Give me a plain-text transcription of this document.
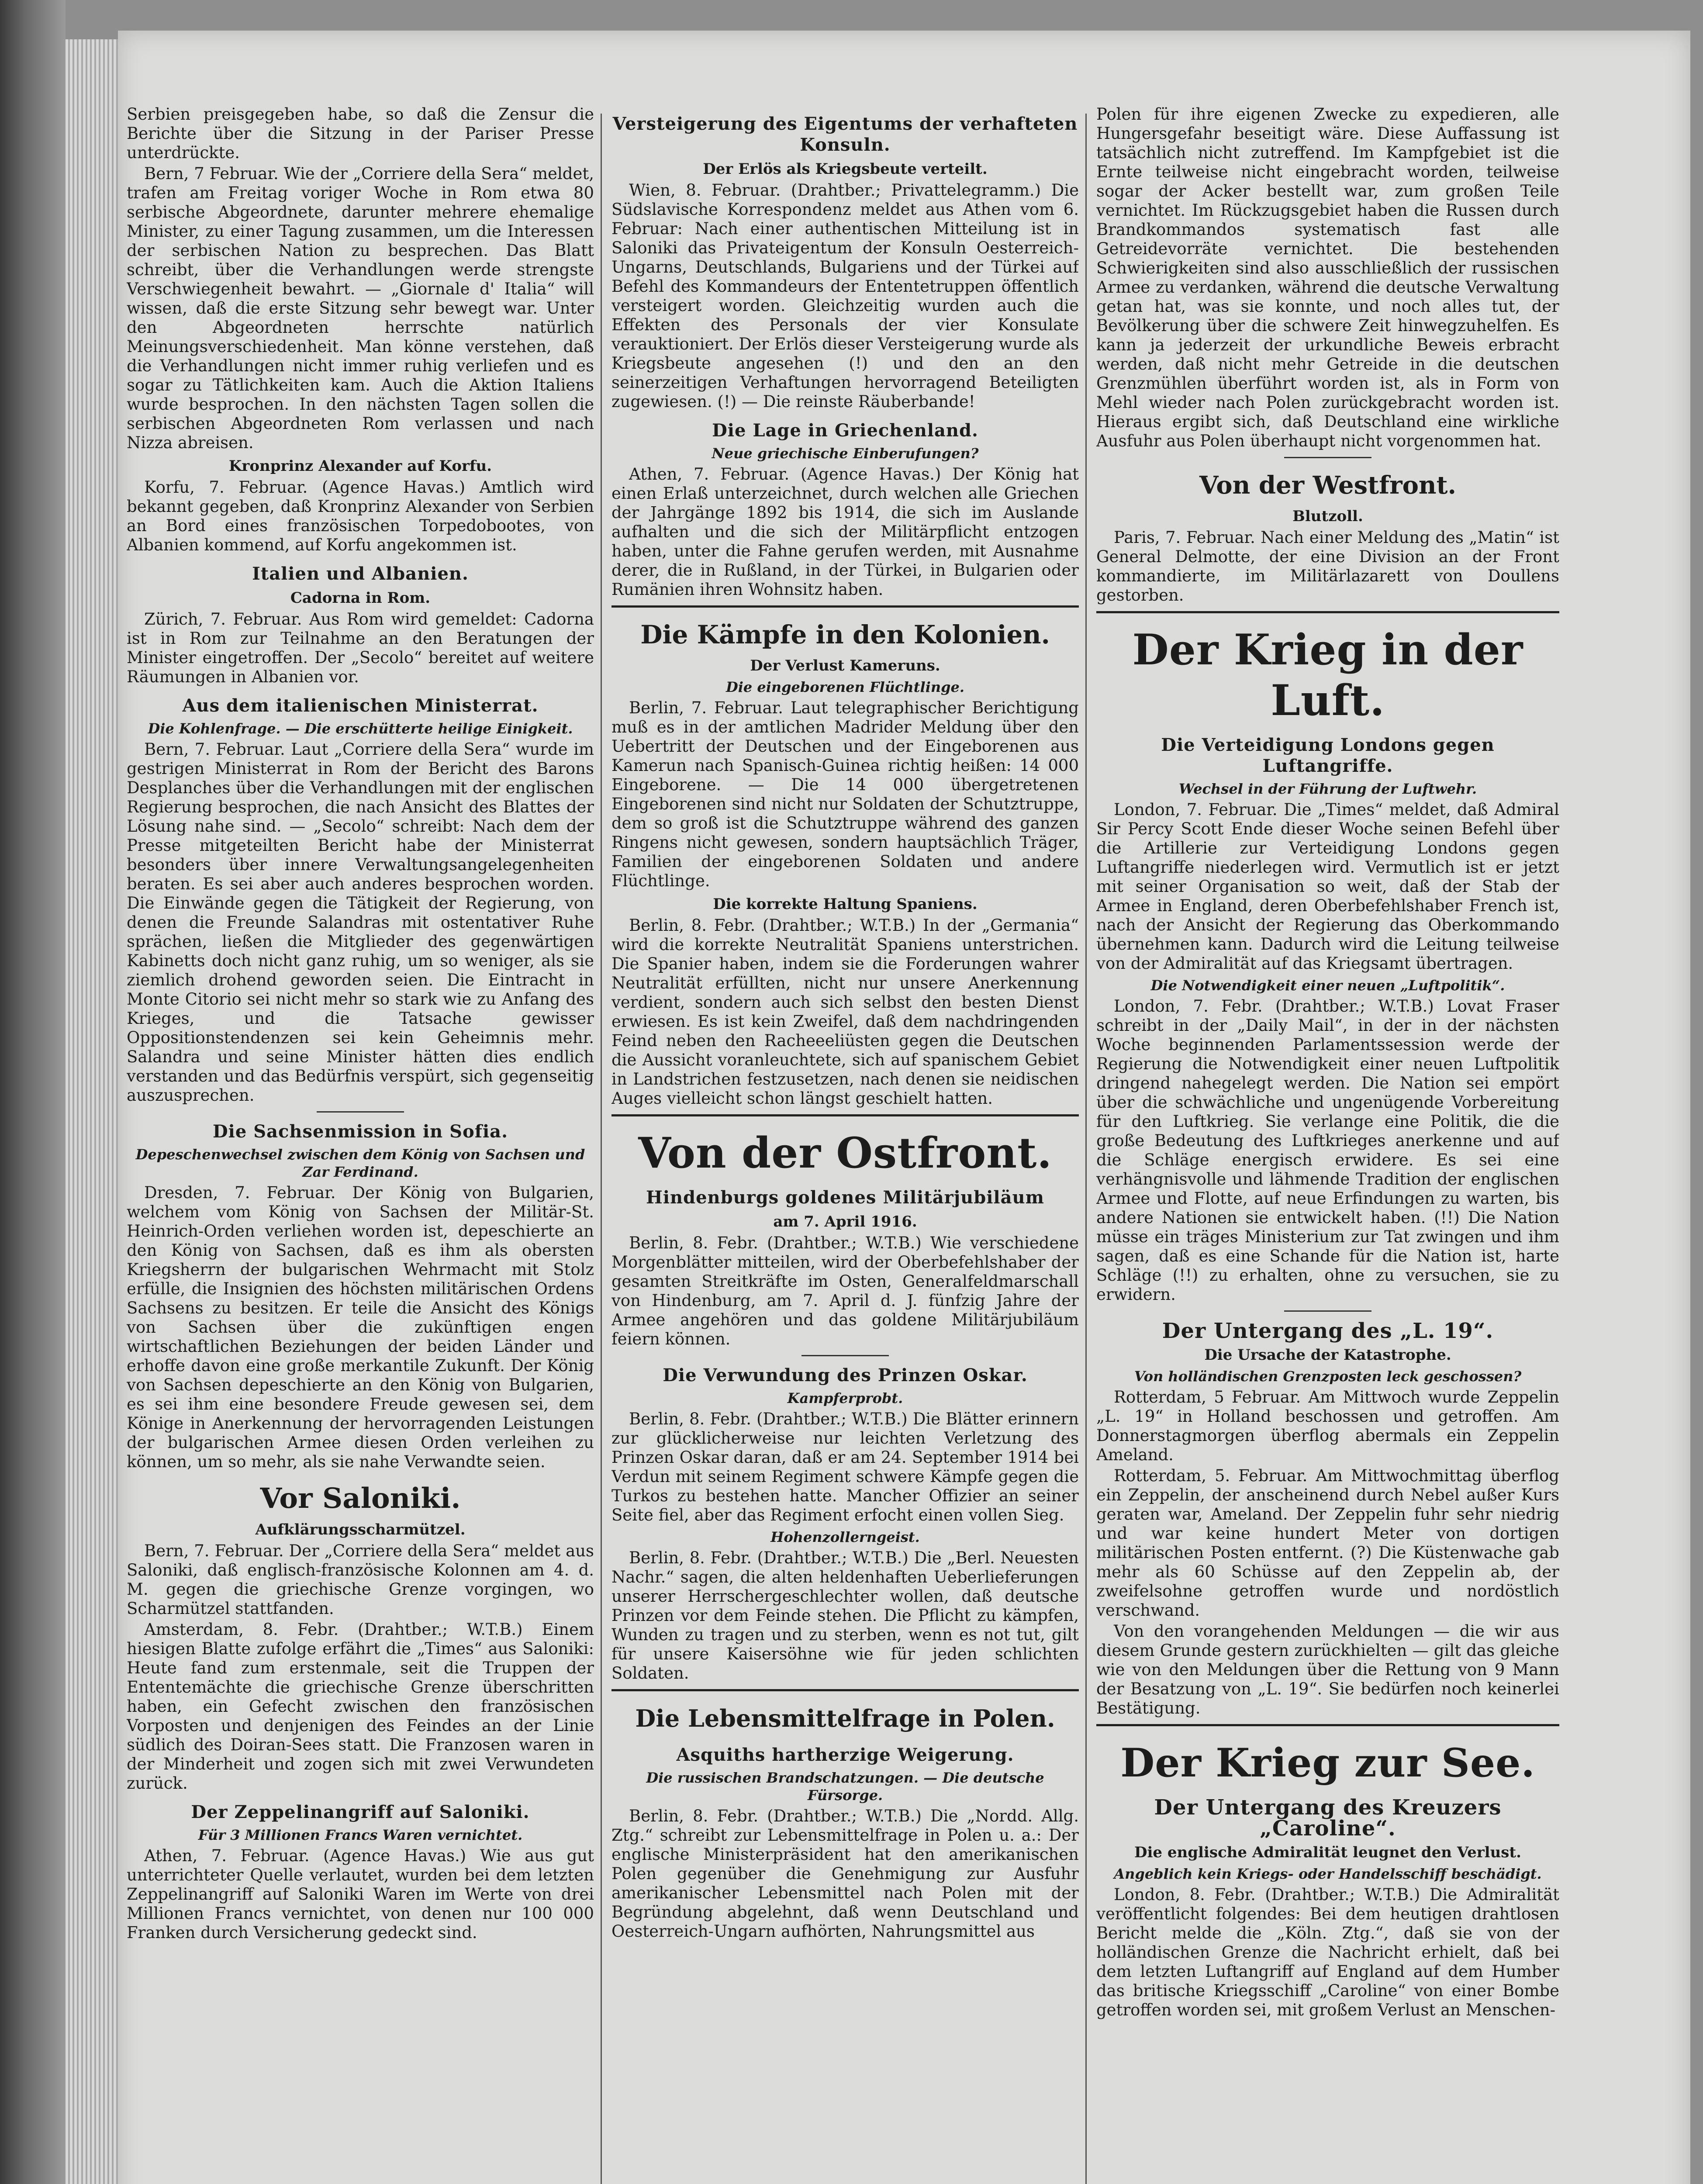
Serbien preisgegeben habe, so daß die Zensur die Berichte über die Sitzung in der Pariser Presse unterdrückte.

Bern, 7 Februar. Wie der „Corriere della Sera“ meldet, trafen am Freitag voriger Woche in Rom etwa 80 serbische Abgeordnete, darunter mehrere ehemalige Minister, zu einer Tagung zusammen, um die Interessen der serbischen Nation zu besprechen. Das Blatt schreibt, über die Verhandlungen werde strengste Verschwiegenheit bewahrt. — „Giornale d' Italia“ will wissen, daß die erste Sitzung sehr bewegt war. Unter den Abgeordneten herrschte natürlich Meinungsverschiedenheit. Man könne verstehen, daß die Verhandlungen nicht immer ruhig verliefen und es sogar zu Tätlichkeiten kam. Auch die Aktion Italiens wurde besprochen. In den nächsten Tagen sollen die serbischen Abgeordneten Rom verlassen und nach Nizza abreisen.

Kronprinz Alexander auf Korfu.

Korfu, 7. Februar. (Agence Havas.) Amtlich wird bekannt gegeben, daß Kronprinz Alexander von Serbien an Bord eines französischen Torpedobootes, von Albanien kommend, auf Korfu angekommen ist.

Italien und Albanien.
Cadorna in Rom.

Zürich, 7. Februar. Aus Rom wird gemeldet: Cadorna ist in Rom zur Teilnahme an den Beratungen der Minister eingetroffen. Der „Secolo“ bereitet auf weitere Räumungen in Albanien vor.

Aus dem italienischen Ministerrat.
Die Kohlenfrage. — Die erschütterte heilige Einigkeit.

Bern, 7. Februar. Laut „Corriere della Sera“ wurde im gestrigen Ministerrat in Rom der Bericht des Barons Desplanches über die Verhandlungen mit der englischen Regierung besprochen, die nach Ansicht des Blattes der Lösung nahe sind. — „Secolo“ schreibt: Nach dem der Presse mitgeteilten Bericht habe der Ministerrat besonders über innere Verwaltungsangelegenheiten beraten. Es sei aber auch anderes besprochen worden. Die Einwände gegen die Tätigkeit der Regierung, von denen die Freunde Salandras mit ostentativer Ruhe sprächen, ließen die Mitglieder des gegenwärtigen Kabinetts doch nicht ganz ruhig, um so weniger, als sie ziemlich drohend geworden seien. Die Eintracht in Monte Citorio sei nicht mehr so stark wie zu Anfang des Krieges, und die Tatsache gewisser Oppositionstendenzen sei kein Geheimnis mehr. Salandra und seine Minister hätten dies endlich verstanden und das Bedürfnis verspürt, sich gegenseitig auszusprechen.

Die Sachsenmission in Sofia.
Depeschenwechsel zwischen dem König von Sachsen und Zar Ferdinand.

Dresden, 7. Februar. Der König von Bulgarien, welchem vom König von Sachsen der Militär-St. Heinrich-Orden verliehen worden ist, depeschierte an den König von Sachsen, daß es ihm als obersten Kriegsherrn der bulgarischen Wehrmacht mit Stolz erfülle, die Insignien des höchsten militärischen Ordens Sachsens zu besitzen. Er teile die Ansicht des Königs von Sachsen über die zukünftigen engen wirtschaftlichen Beziehungen der beiden Länder und erhoffe davon eine große merkantile Zukunft. Der König von Sachsen depeschierte an den König von Bulgarien, es sei ihm eine besondere Freude gewesen sei, dem Könige in Anerkennung der hervorragenden Leistungen der bulgarischen Armee diesen Orden verleihen zu können, um so mehr, als sie nahe Verwandte seien.

Vor Saloniki.
Aufklärungsscharmützel.

Bern, 7. Februar. Der „Corriere della Sera“ meldet aus Saloniki, daß englisch-französische Kolonnen am 4. d. M. gegen die griechische Grenze vorgingen, wo Scharmützel stattfanden.

Amsterdam, 8. Febr. (Drahtber.; W.T.B.) Einem hiesigen Blatte zufolge erfährt die „Times“ aus Saloniki: Heute fand zum erstenmale, seit die Truppen der Ententemächte die griechische Grenze überschritten haben, ein Gefecht zwischen den französischen Vorposten und denjenigen des Feindes an der Linie südlich des Doiran-Sees statt. Die Franzosen waren in der Minderheit und zogen sich mit zwei Verwundeten zurück.

Der Zeppelinangriff auf Saloniki.
Für 3 Millionen Francs Waren vernichtet.

Athen, 7. Februar. (Agence Havas.) Wie aus gut unterrichteter Quelle verlautet, wurden bei dem letzten Zeppelinangriff auf Saloniki Waren im Werte von drei Millionen Francs vernichtet, von denen nur 100 000 Franken durch Versicherung gedeckt sind.

Versteigerung des Eigentums der verhafteten Konsuln.
Der Erlös als Kriegsbeute verteilt.

Wien, 8. Februar. (Drahtber.; Privattelegramm.) Die Südslavische Korrespondenz meldet aus Athen vom 6. Februar: Nach einer authentischen Mitteilung ist in Saloniki das Privateigentum der Konsuln Oesterreich-Ungarns, Deutschlands, Bulgariens und der Türkei auf Befehl des Kommandeurs der Ententetruppen öffentlich versteigert worden. Gleichzeitig wurden auch die Effekten des Personals der vier Konsulate verauktioniert. Der Erlös dieser Versteigerung wurde als Kriegsbeute angesehen (!) und den an den seinerzeitigen Verhaftungen hervorragend Beteiligten zugewiesen. (!) — Die reinste Räuberbande!

Die Lage in Griechenland.
Neue griechische Einberufungen?

Athen, 7. Februar. (Agence Havas.) Der König hat einen Erlaß unterzeichnet, durch welchen alle Griechen der Jahrgänge 1892 bis 1914, die sich im Auslande aufhalten und die sich der Militärpflicht entzogen haben, unter die Fahne gerufen werden, mit Ausnahme derer, die in Rußland, in der Türkei, in Bulgarien oder Rumänien ihren Wohnsitz haben.

Die Kämpfe in den Kolonien.
Der Verlust Kameruns.
Die eingeborenen Flüchtlinge.

Berlin, 7. Februar. Laut telegraphischer Berichtigung muß es in der amtlichen Madrider Meldung über den Uebertritt der Deutschen und der Eingeborenen aus Kamerun nach Spanisch-Guinea richtig heißen: 14 000 Eingeborene. — Die 14 000 übergetretenen Eingeborenen sind nicht nur Soldaten der Schutztruppe, dem so groß ist die Schutztruppe während des ganzen Ringens nicht gewesen, sondern hauptsächlich Träger, Familien der eingeborenen Soldaten und andere Flüchtlinge.

Die korrekte Haltung Spaniens.

Berlin, 8. Febr. (Drahtber.; W.T.B.) In der „Germania“ wird die korrekte Neutralität Spaniens unterstrichen. Die Spanier haben, indem sie die Forderungen wahrer Neutralität erfüllten, nicht nur unsere Anerkennung verdient, sondern auch sich selbst den besten Dienst erwiesen. Es ist kein Zweifel, daß dem nachdringenden Feind neben den Racheeeliüsten gegen die Deutschen die Aussicht voranleuchtete, sich auf spanischem Gebiet in Landstrichen festzusetzen, nach denen sie neidischen Auges vielleicht schon längst geschielt hatten.

Von der Ostfront.
Hindenburgs goldenes Militärjubiläum
am 7. April 1916.

Berlin, 8. Febr. (Drahtber.; W.T.B.) Wie verschiedene Morgenblätter mitteilen, wird der Oberbefehlshaber der gesamten Streitkräfte im Osten, Generalfeldmarschall von Hindenburg, am 7. April d. J. fünfzig Jahre der Armee angehören und das goldene Militärjubiläum feiern können.

Die Verwundung des Prinzen Oskar.
Kampferprobt.

Berlin, 8. Febr. (Drahtber.; W.T.B.) Die Blätter erinnern zur glücklicherweise nur leichten Verletzung des Prinzen Oskar daran, daß er am 24. September 1914 bei Verdun mit seinem Regiment schwere Kämpfe gegen die Turkos zu bestehen hatte. Mancher Offizier an seiner Seite fiel, aber das Regiment erfocht einen vollen Sieg.

Hohenzollerngeist.

Berlin, 8. Febr. (Drahtber.; W.T.B.) Die „Berl. Neuesten Nachr.“ sagen, die alten heldenhaften Ueberlieferungen unserer Herrschergeschlechter wollen, daß deutsche Prinzen vor dem Feinde stehen. Die Pflicht zu kämpfen, Wunden zu tragen und zu sterben, wenn es not tut, gilt für unsere Kaisersöhne wie für jeden schlichten Soldaten.

Die Lebensmittelfrage in Polen.
Asquiths hartherzige Weigerung.
Die russischen Brandschatzungen. — Die deutsche Fürsorge.

Berlin, 8. Febr. (Drahtber.; W.T.B.) Die „Nordd. Allg. Ztg.“ schreibt zur Lebensmittelfrage in Polen u. a.: Der englische Ministerpräsident hat den amerikanischen Polen gegenüber die Genehmigung zur Ausfuhr amerikanischer Lebensmittel nach Polen mit der Begründung abgelehnt, daß wenn Deutschland und Oesterreich-Ungarn aufhörten, Nahrungsmittel aus

Polen für ihre eigenen Zwecke zu expedieren, alle Hungersgefahr beseitigt wäre. Diese Auffassung ist tatsächlich nicht zutreffend. Im Kampfgebiet ist die Ernte teilweise nicht eingebracht worden, teilweise sogar der Acker bestellt war, zum großen Teile vernichtet. Im Rückzugsgebiet haben die Russen durch Brandkommandos systematisch fast alle Getreidevorräte vernichtet. Die bestehenden Schwierigkeiten sind also ausschließlich der russischen Armee zu verdanken, während die deutsche Verwaltung getan hat, was sie konnte, und noch alles tut, der Bevölkerung über die schwere Zeit hinwegzuhelfen. Es kann ja jederzeit der urkundliche Beweis erbracht werden, daß nicht mehr Getreide in die deutschen Grenzmühlen überführt worden ist, als in Form von Mehl wieder nach Polen zurückgebracht worden ist. Hieraus ergibt sich, daß Deutschland eine wirkliche Ausfuhr aus Polen überhaupt nicht vorgenommen hat.

Von der Westfront.
Blutzoll.

Paris, 7. Februar. Nach einer Meldung des „Matin“ ist General Delmotte, der eine Division an der Front kommandierte, im Militärlazarett von Doullens gestorben.

Der Krieg in der Luft.
Die Verteidigung Londons gegen Luftangriffe.
Wechsel in der Führung der Luftwehr.

London, 7. Februar. Die „Times“ meldet, daß Admiral Sir Percy Scott Ende dieser Woche seinen Befehl über die Artillerie zur Verteidigung Londons gegen Luftangriffe niederlegen wird. Vermutlich ist er jetzt mit seiner Organisation so weit, daß der Stab der Armee in England, deren Oberbefehlshaber French ist, nach der Ansicht der Regierung das Oberkommando übernehmen kann. Dadurch wird die Leitung teilweise von der Admiralität auf das Kriegsamt übertragen.

Die Notwendigkeit einer neuen „Luftpolitik“.

London, 7. Febr. (Drahtber.; W.T.B.) Lovat Fraser schreibt in der „Daily Mail“, in der in der nächsten Woche beginnenden Parlamentssession werde der Regierung die Notwendigkeit einer neuen Luftpolitik dringend nahegelegt werden. Die Nation sei empört über die schwächliche und ungenügende Vorbereitung für den Luftkrieg. Sie verlange eine Politik, die die große Bedeutung des Luftkrieges anerkenne und auf die Schläge energisch erwidere. Es sei eine verhängnisvolle und lähmende Tradition der englischen Armee und Flotte, auf neue Erfindungen zu warten, bis andere Nationen sie entwickelt haben. (!!) Die Nation müsse ein träges Ministerium zur Tat zwingen und ihm sagen, daß es eine Schande für die Nation ist, harte Schläge (!!) zu erhalten, ohne zu versuchen, sie zu erwidern.

Der Untergang des „L. 19“.
Die Ursache der Katastrophe.
Von holländischen Grenzposten leck geschossen?

Rotterdam, 5 Februar. Am Mittwoch wurde Zeppelin „L. 19“ in Holland beschossen und getroffen. Am Donnerstagmorgen überflog abermals ein Zeppelin Ameland.

Rotterdam, 5. Februar. Am Mittwochmittag überflog ein Zeppelin, der anscheinend durch Nebel außer Kurs geraten war, Ameland. Der Zeppelin fuhr sehr niedrig und war keine hundert Meter von dortigen militärischen Posten entfernt. (?) Die Küstenwache gab mehr als 60 Schüsse auf den Zeppelin ab, der zweifelsohne getroffen wurde und nordöstlich verschwand.

Von den vorangehenden Meldungen — die wir aus diesem Grunde gestern zurückhielten — gilt das gleiche wie von den Meldungen über die Rettung von 9 Mann der Besatzung von „L. 19“. Sie bedürfen noch keinerlei Bestätigung.

Der Krieg zur See.
Der Untergang des Kreuzers „Caroline“.
Die englische Admiralität leugnet den Verlust.
Angeblich kein Kriegs- oder Handelsschiff beschädigt.

London, 8. Febr. (Drahtber.; W.T.B.) Die Admiralität veröffentlicht folgendes: Bei dem heutigen drahtlosen Bericht melde die „Köln. Ztg.“, daß sie von der holländischen Grenze die Nachricht erhielt, daß bei dem letzten Luftangriff auf England auf dem Humber das britische Kriegsschiff „Caroline“ von einer Bombe getroffen worden sei, mit großem Verlust an Menschen-
